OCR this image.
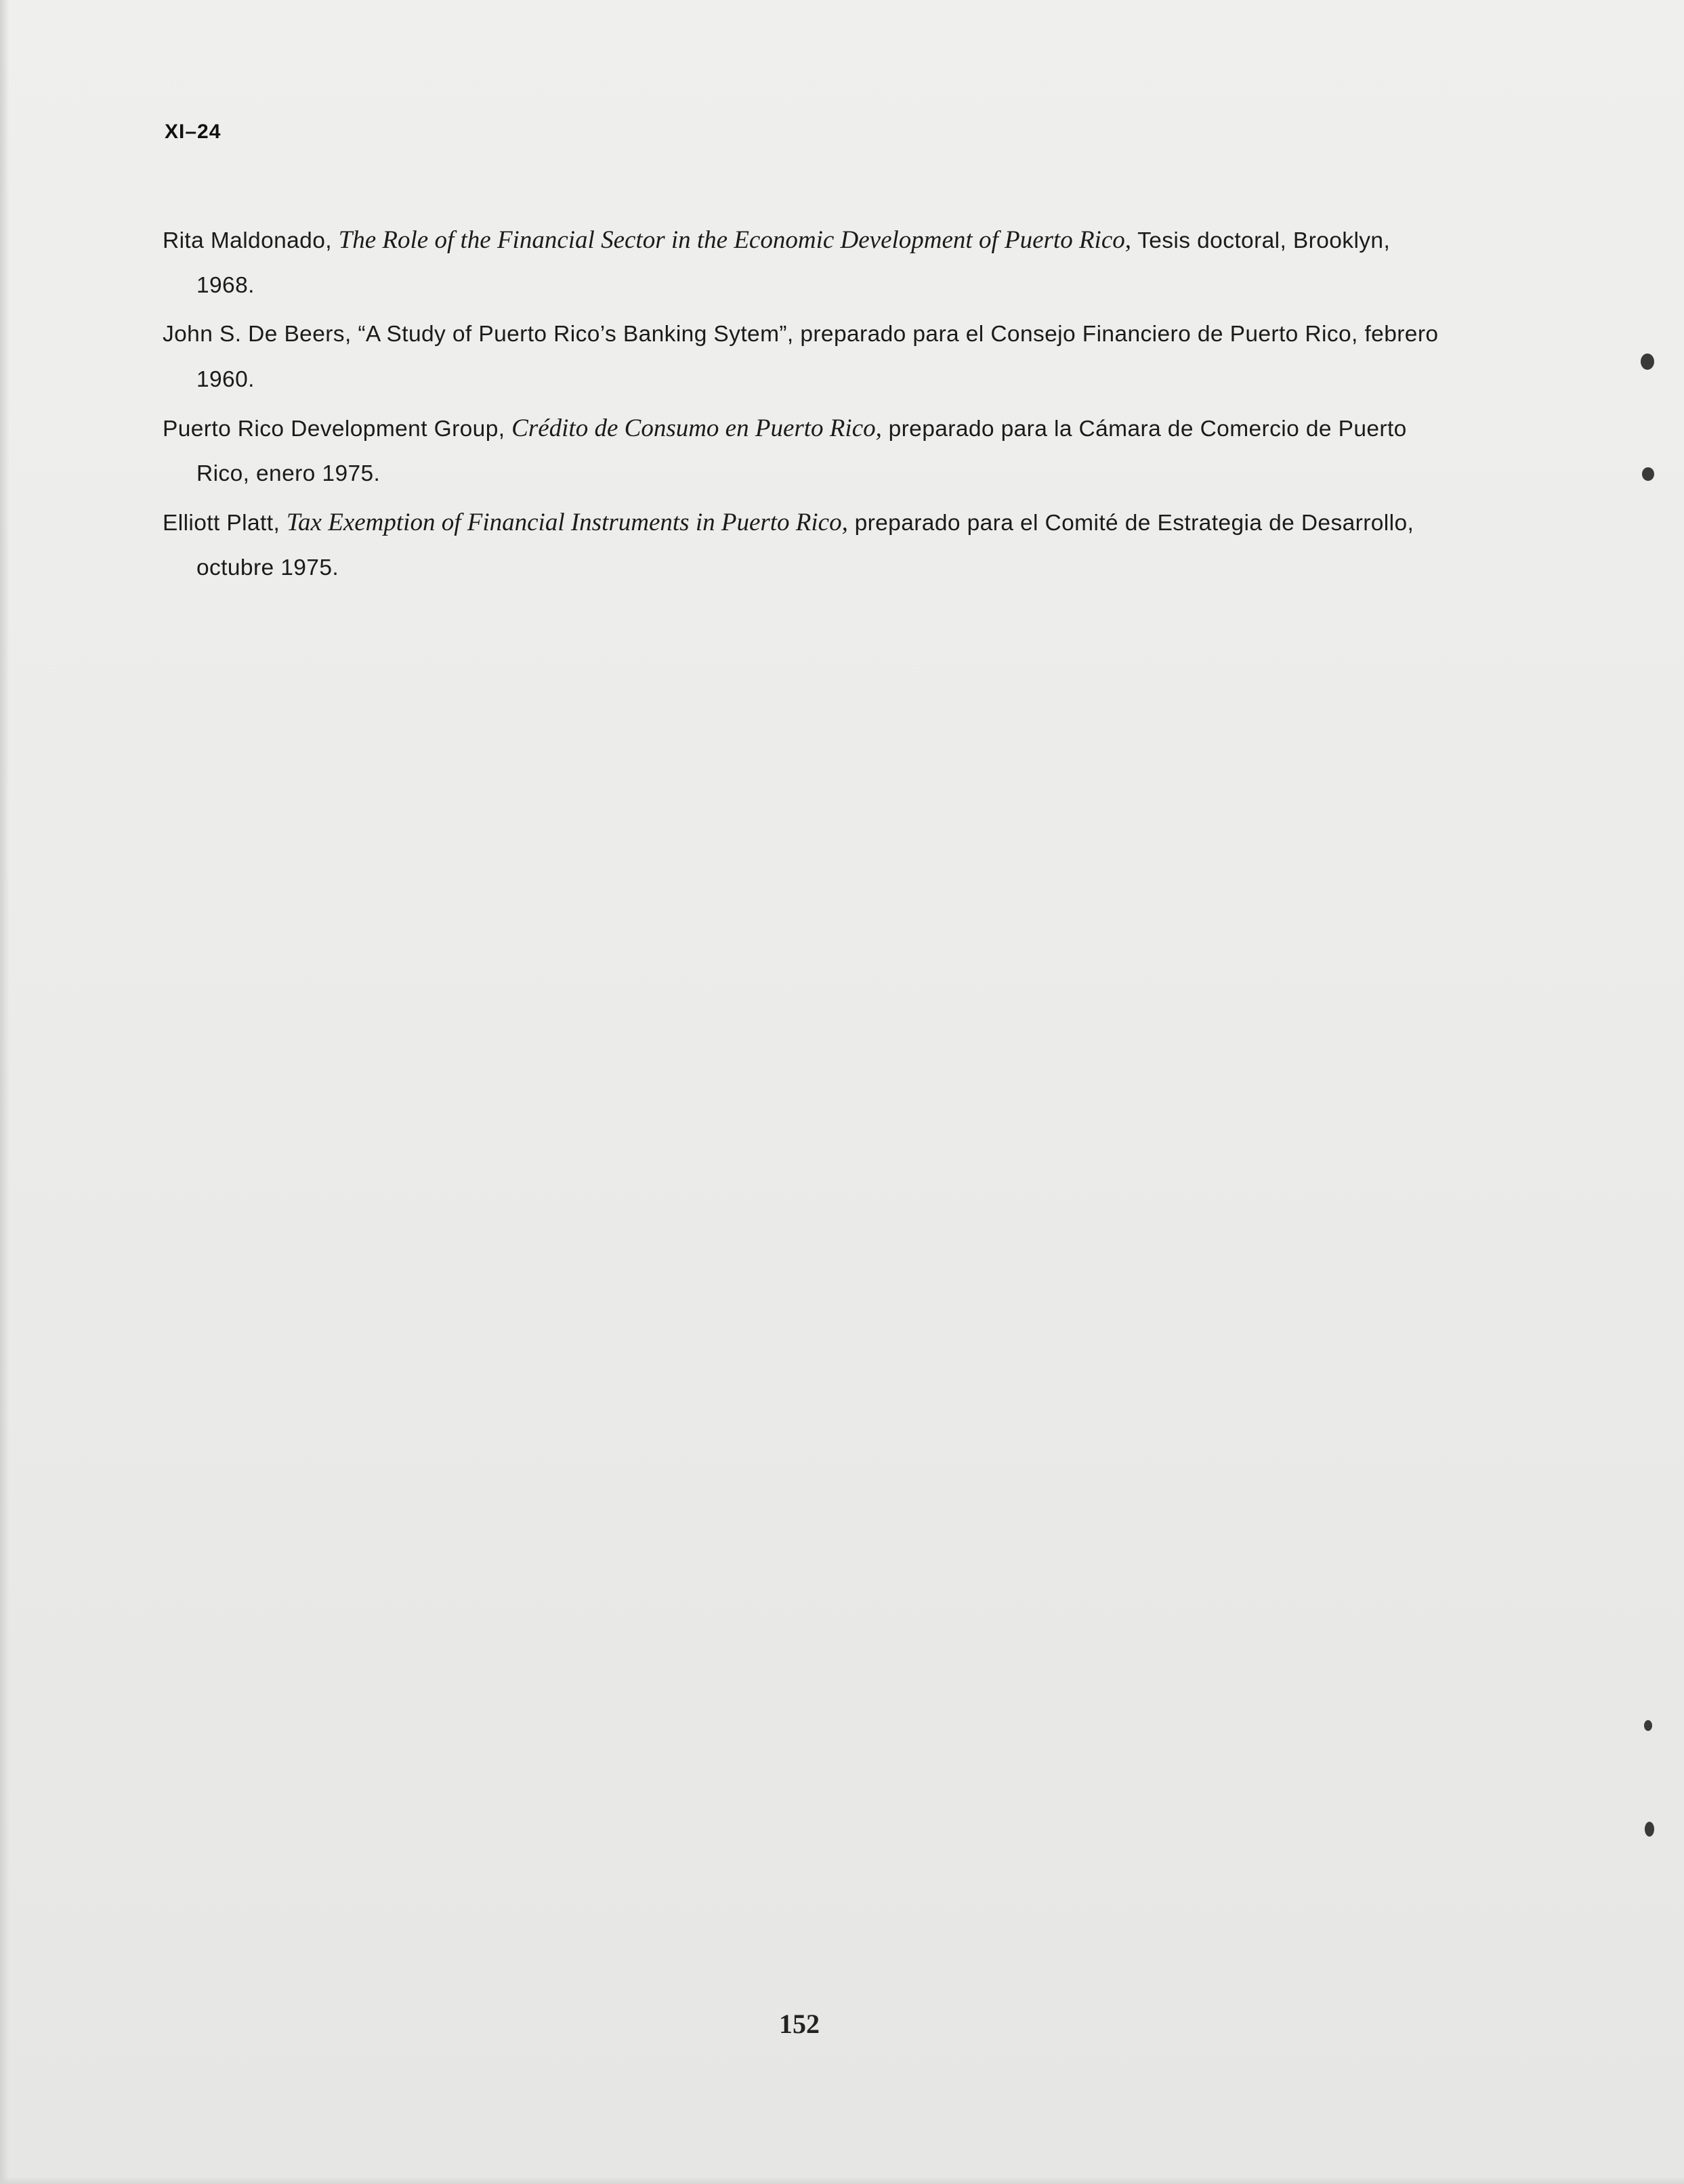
XI–24

Rita Maldonado, The Role of the Financial Sector in the Economic Development of Puerto Rico, Tesis doctoral, Brooklyn, 1968.

John S. De Beers, “A Study of Puerto Rico’s Banking Sytem”, preparado para el Consejo Financiero de Puerto Rico, febrero 1960.

Puerto Rico Development Group, Crédito de Consumo en Puerto Rico, preparado para la Cámara de Comercio de Puerto Rico, enero 1975.

Elliott Platt, Tax Exemption of Financial Instruments in Puerto Rico, preparado para el Comité de Estrategia de Desarrollo, octubre 1975.

152
